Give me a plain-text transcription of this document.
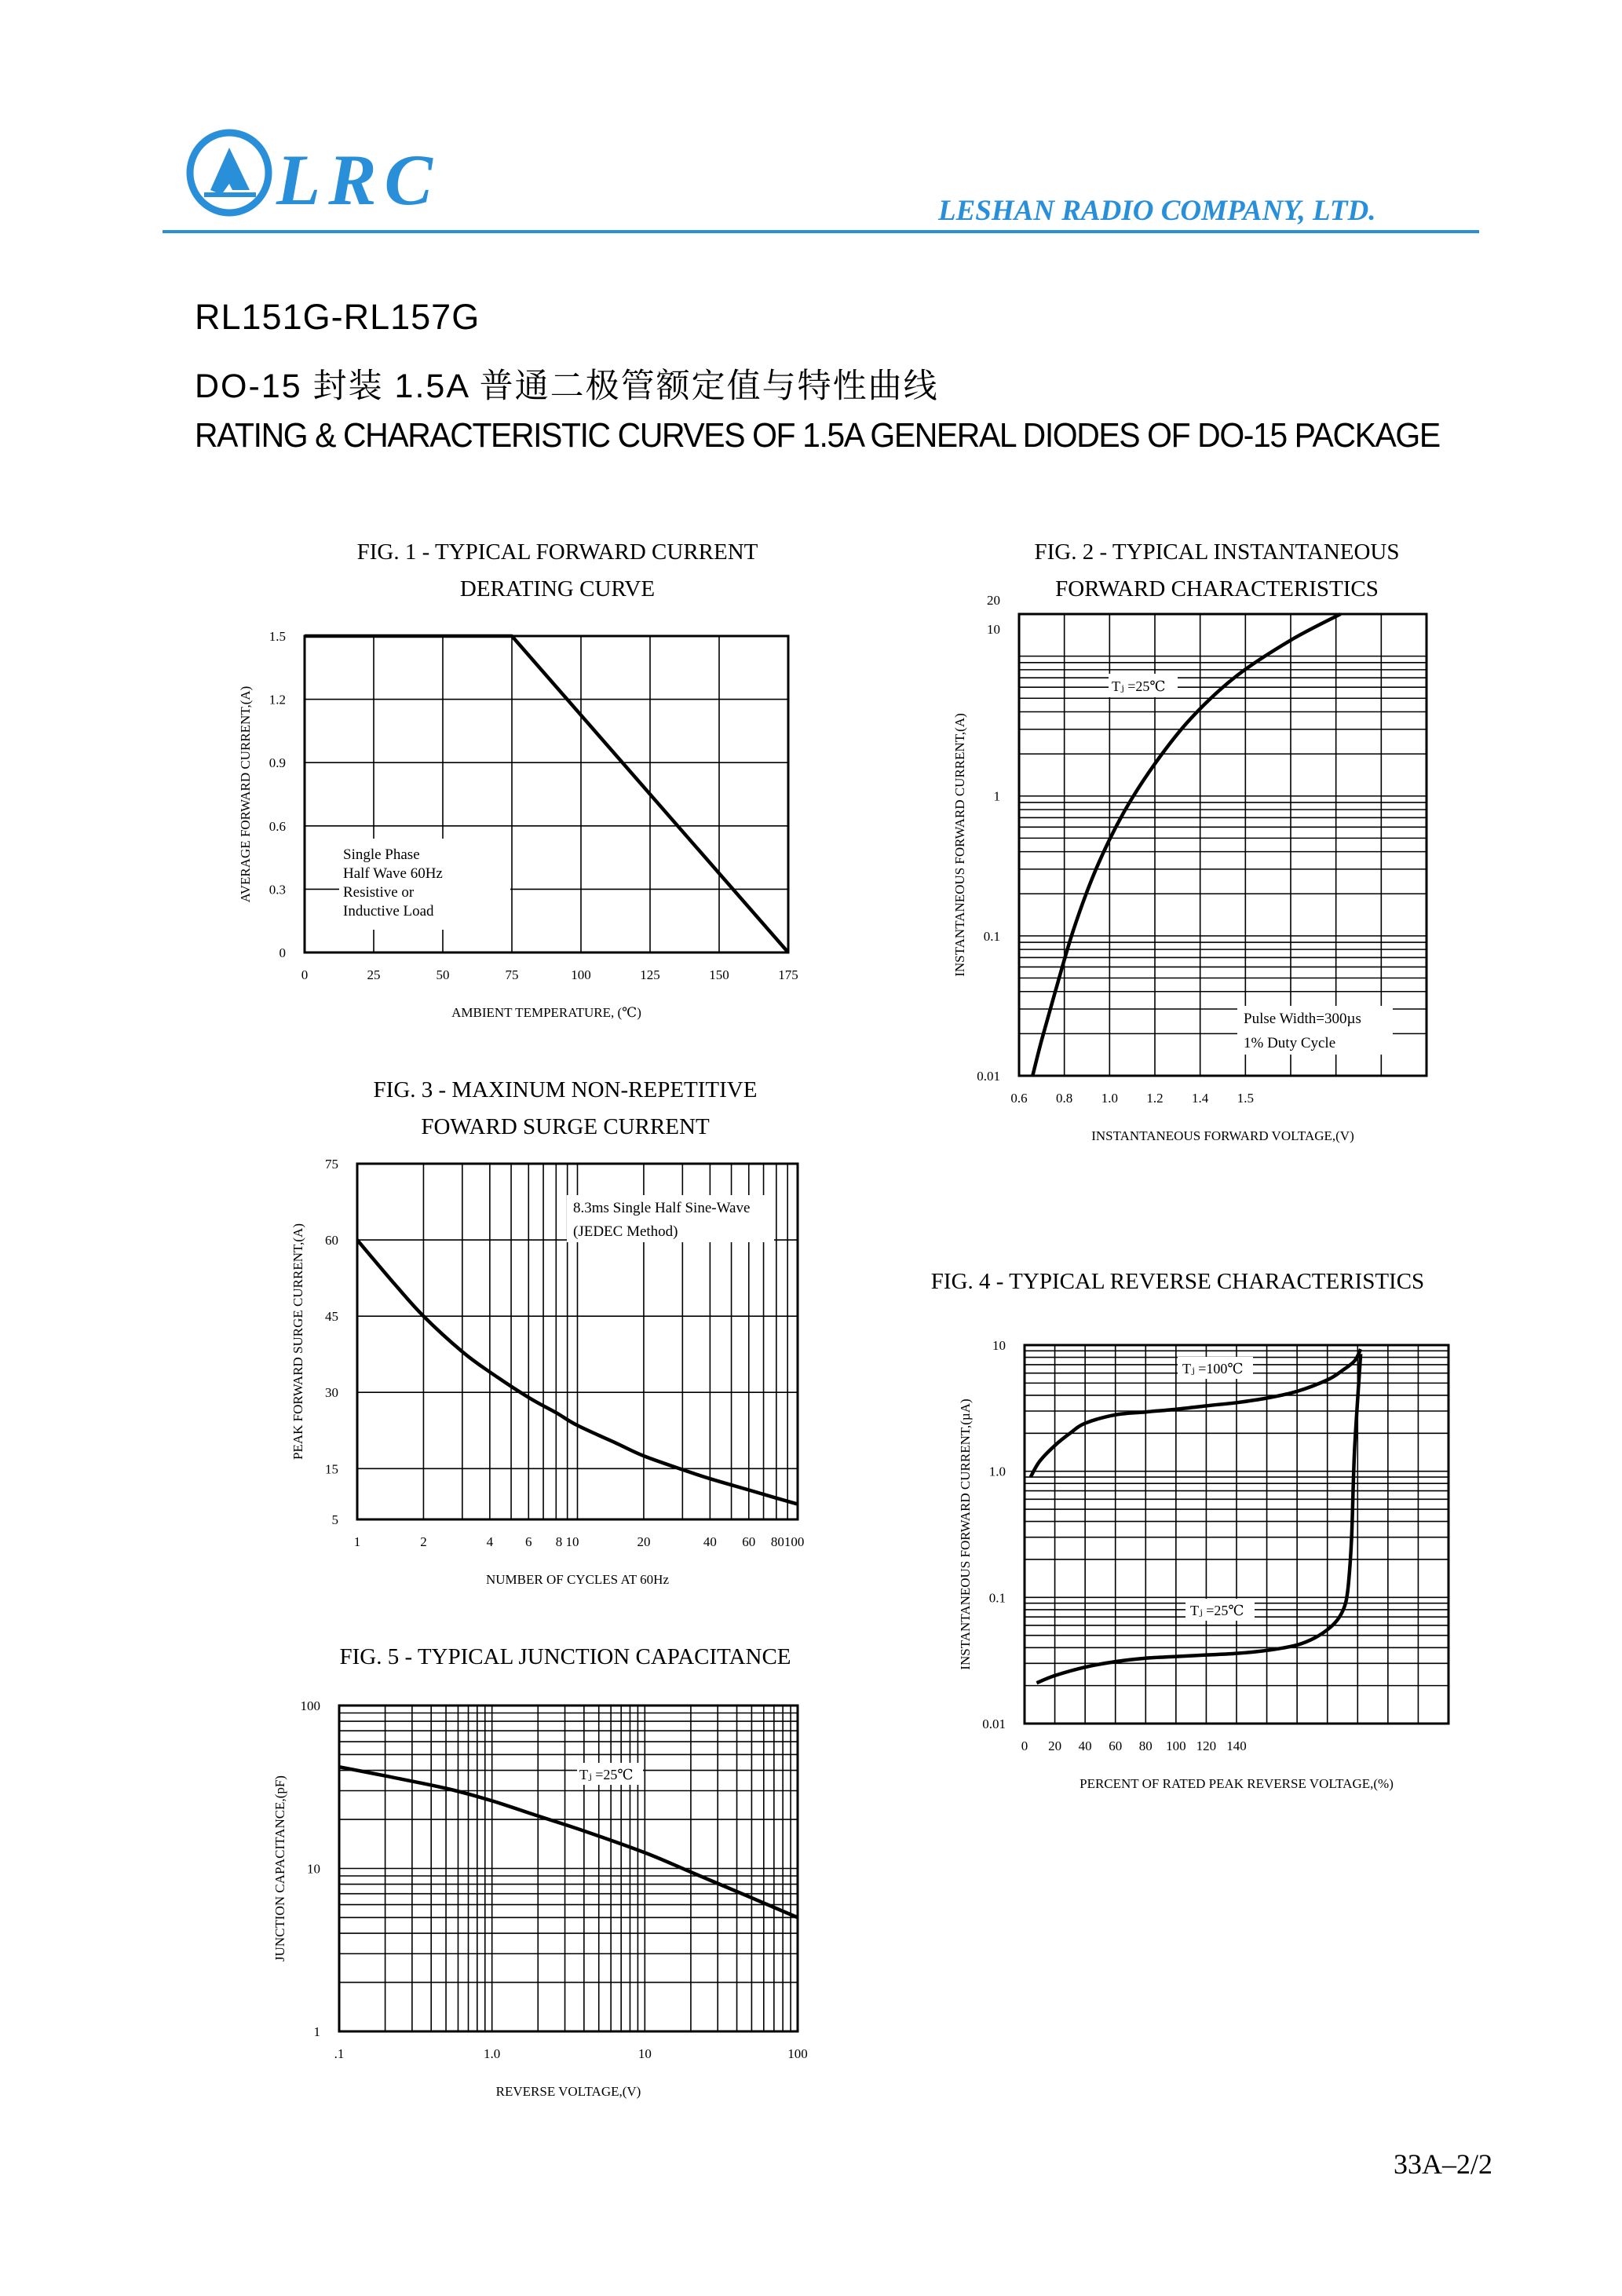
LRC	LESHAN RADIO COMPANY, LTD.
RL151G-RL157G
DO-15 封装 1.5A 普通二极管额定值与特性曲线
RATING & CHARACTERISTIC CURVES OF 1.5A GENERAL DIODES OF DO-15 PACKAGE
FIG. 1 - TYPICAL FORWARD CURRENT
DERATING CURVE
FIG. 2 - TYPICAL INSTANTANEOUS
FORWARD CHARACTERISTICS
FIG. 3 - MAXINUM NON-REPETITIVE
FOWARD SURGE CURRENT
FIG. 4 - TYPICAL REVERSE CHARACTERISTICS
FIG. 5 - TYPICAL JUNCTION CAPACITANCE
0	25	50	75	100	125	150	175
0
0.3
0.6
0.9
1.2
1.5
AMBIENT TEMPERATURE, (℃)
AVERAGE FORWARD CURRENT,(A)
0.6 0.8 1.0 1.2 1.4 1.5
0.01
0.1
1
10
20
INSTANTANEOUS FORWARD VOLTAGE,(V)
INSTANTANEOUS FORWARD CURRENT,(A)
1	2	4 6 8 10	20	40 60 80100
5
15
30
45
60
75
NUMBER OF CYCLES AT 60Hz
PEAK FORWARD SURGE CURRENT,(A)
0 20 40 60 80 100 120 140
0.01
0.1
1.0
10
PERCENT OF RATED PEAK REVERSE VOLTAGE,(%)
INSTANTANEOUS FORWARD CURRENT,(µA)
.1	1.0	10	100
1
10
100
REVERSE VOLTAGE,(V)
JUNCTION CAPACITANCE,(pF)
Single Phase
Half Wave 60Hz
Resistive or
Inductive Load
Tⱼ =25℃
Pulse Width=300µs
1% Duty Cycle
8.3ms Single Half Sine-Wave
(JEDEC Method)
Tⱼ =100℃
Tⱼ =25℃
Tⱼ =25℃
33A–2/2
